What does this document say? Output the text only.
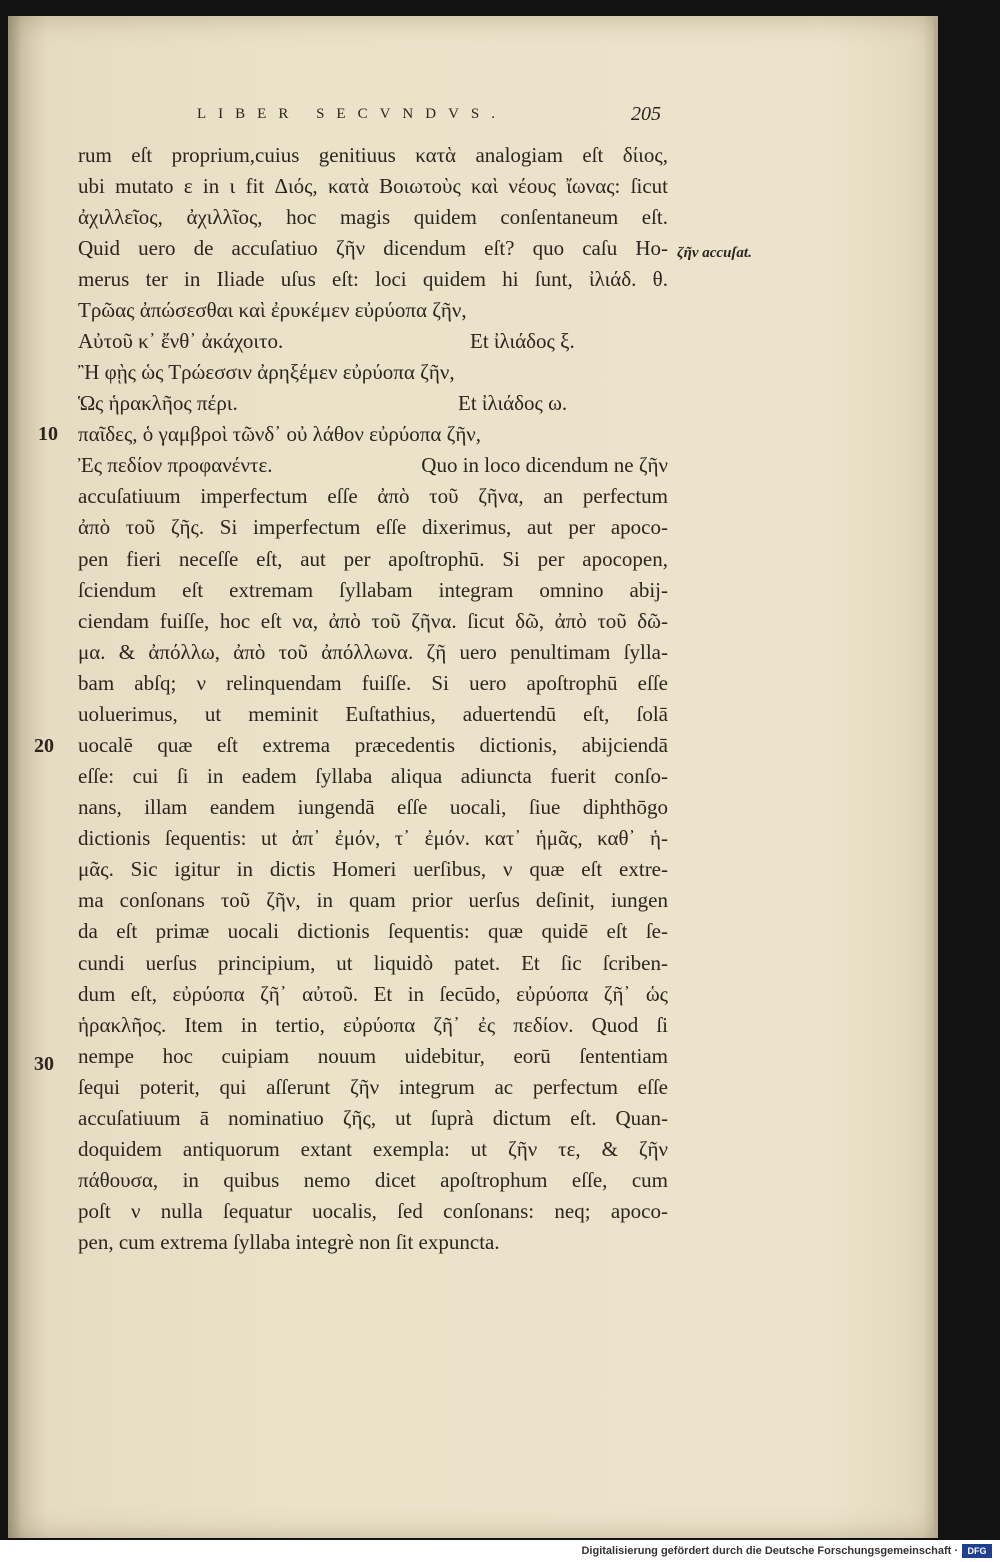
LIBER SECVNDVS.	205
ζῆν accuſat.
10
20
30
rum eſt proprium,cuius genitiuus κατὰ analogiam eſt δίιος,
ubi mutato ε in ι fit Διός, κατὰ Βοιωτοὺς καὶ νέους ἴωνας: ſicut
ἀχιλλεῖος, ἀχιλλῖος, hoc magis quidem conſentaneum eſt.
Quid uero de accuſatiuo ζῆν dicendum eſt? quo caſu Ho-
merus ter in Iliade uſus eſt: loci quidem hi ſunt, ἰλιάδ. θ.
Τρῶας ἀπώσεσθαι καὶ ἐρυκέμεν εὐρύοπα ζῆν,
Αὐτοῦ κ᾽ ἔνθ᾽ ἀκάχοιτο.	Et ἰλιάδος ξ.
Ἢ φῂς ὡς Τρώεσσιν ἀρηξέμεν εὐρύοπα ζῆν,
Ὡς ἡρακλῆος πέρι.	Et ἰλιάδος ω.
παῖδες, ὁ γαμβροὶ τῶνδ᾽ οὐ λάθον εὐρύοπα ζῆν,
Ἐς πεδίον προφανέντε.	Quo in loco dicendum ne ζῆν
accuſatiuum imperfectum eſſe ἀπὸ τοῦ ζῆνα, an perfectum
ἀπὸ τοῦ ζῆς. Si imperfectum eſſe dixerimus, aut per apoco-
pen fieri neceſſe eſt, aut per apoſtrophū. Si per apocopen,
ſciendum eſt extremam ſyllabam integram omnino abij-
ciendam fuiſſe, hoc eſt να, ἀπὸ τοῦ ζῆνα. ſicut δῶ, ἀπὸ τοῦ δῶ-
μα. & ἀπόλλω, ἀπὸ τοῦ ἀπόλλωνα. ζῆ uero penultimam ſylla-
bam abſq; ν relinquendam fuiſſe. Si uero apoſtrophū eſſe
uoluerimus, ut meminit Euſtathius, aduertendū eſt, ſolā
uocalē quæ eſt extrema præcedentis dictionis, abijciendā
eſſe: cui ſi in eadem ſyllaba aliqua adiuncta fuerit conſo-
nans, illam eandem iungendā eſſe uocali, ſiue diphthōgo
dictionis ſequentis: ut ἀπ᾽ ἐμόν, τ᾽ ἐμόν. κατ᾽ ἡμᾶς, καθ᾽ ἡ-
μᾶς. Sic igitur in dictis Homeri uerſibus, ν quæ eſt extre-
ma conſonans τοῦ ζῆν, in quam prior uerſus deſinit, iungen
da eſt primæ uocali dictionis ſequentis: quæ quidē eſt ſe-
cundi uerſus principium, ut liquidò patet. Et ſic ſcriben-
dum eſt, εὐρύοπα ζῆ᾽ αὐτοῦ. Et in ſecūdo, εὐρύοπα ζῆ᾽ ὡς
ἡρακλῆος. Item in tertio, εὐρύοπα ζῆ᾽ ἐς πεδίον. Quod ſi
nempe hoc cuipiam nouum uidebitur, eorū ſententiam
ſequi poterit, qui aſſerunt ζῆν integrum ac perfectum eſſe
accuſatiuum ā nominatiuo ζῆς, ut ſuprà dictum eſt. Quan-
doquidem antiquorum extant exempla: ut ζῆν τε, & ζῆν
πάθουσα, in quibus nemo dicet apoſtrophum eſſe, cum
poſt ν nulla ſequatur uocalis, ſed conſonans: neq; apoco-
pen, cum extrema ſyllaba integrè non ſit expuncta.
Digitalisierung gefördert durch die Deutsche Forschungsgemeinschaft ·	DFG
